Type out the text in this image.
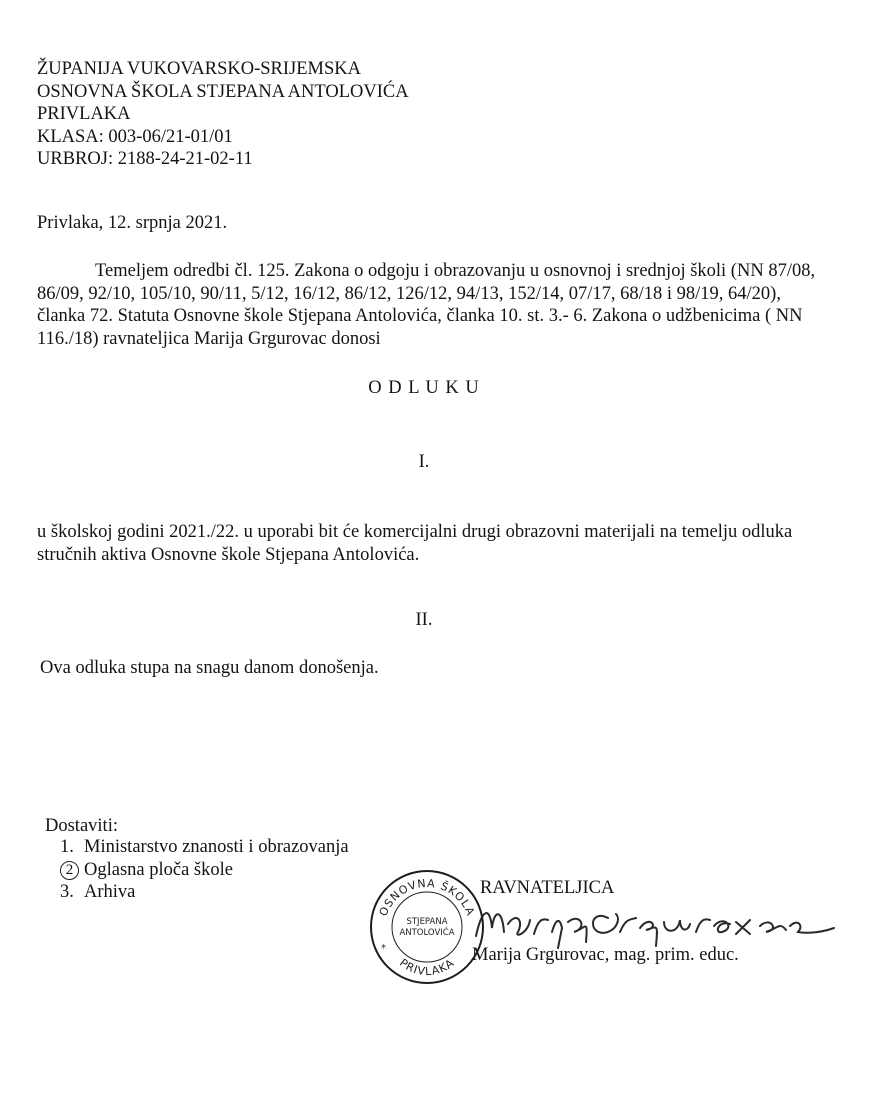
ŽUPANIJA VUKOVARSKO-SRIJEMSKA
OSNOVNA ŠKOLA STJEPANA ANTOLOVIĆA
PRIVLAKA
KLASA: 003-06/21-01/01
URBROJ: 2188-24-21-02-11
Privlaka, 12. srpnja 2021.
Temeljem odredbi čl. 125. Zakona o odgoju i obrazovanju u osnovnoj i srednjoj školi (NN 87/08, 86/09, 92/10, 105/10, 90/11, 5/12, 16/12, 86/12, 126/12, 94/13, 152/14, 07/17, 68/18 i 98/19, 64/20), članka 72. Statuta Osnovne škole Stjepana Antolovića, članka 10. st. 3.- 6. Zakona o udžbenicima ( NN 116./18) ravnateljica Marija Grgurovac donosi
O D L U K U
I.
u školskoj godini 2021./22. u uporabi bit će komercijalni drugi obrazovni materijali na temelju odluka stručnih aktiva Osnovne škole Stjepana Antolovića.
II.
Ova odluka stupa na snagu danom donošenja.
Dostaviti:
1. Ministarstvo znanosti i obrazovanja
2 Oglasna ploča škole
3. Arhiva	RAVNATELJICA
Marija Grgurovac, mag. prim. educ.
OSNOVNA ŠKOLA
PRIVLAKA
STJEPANA
ANTOLOVIĆA
*
